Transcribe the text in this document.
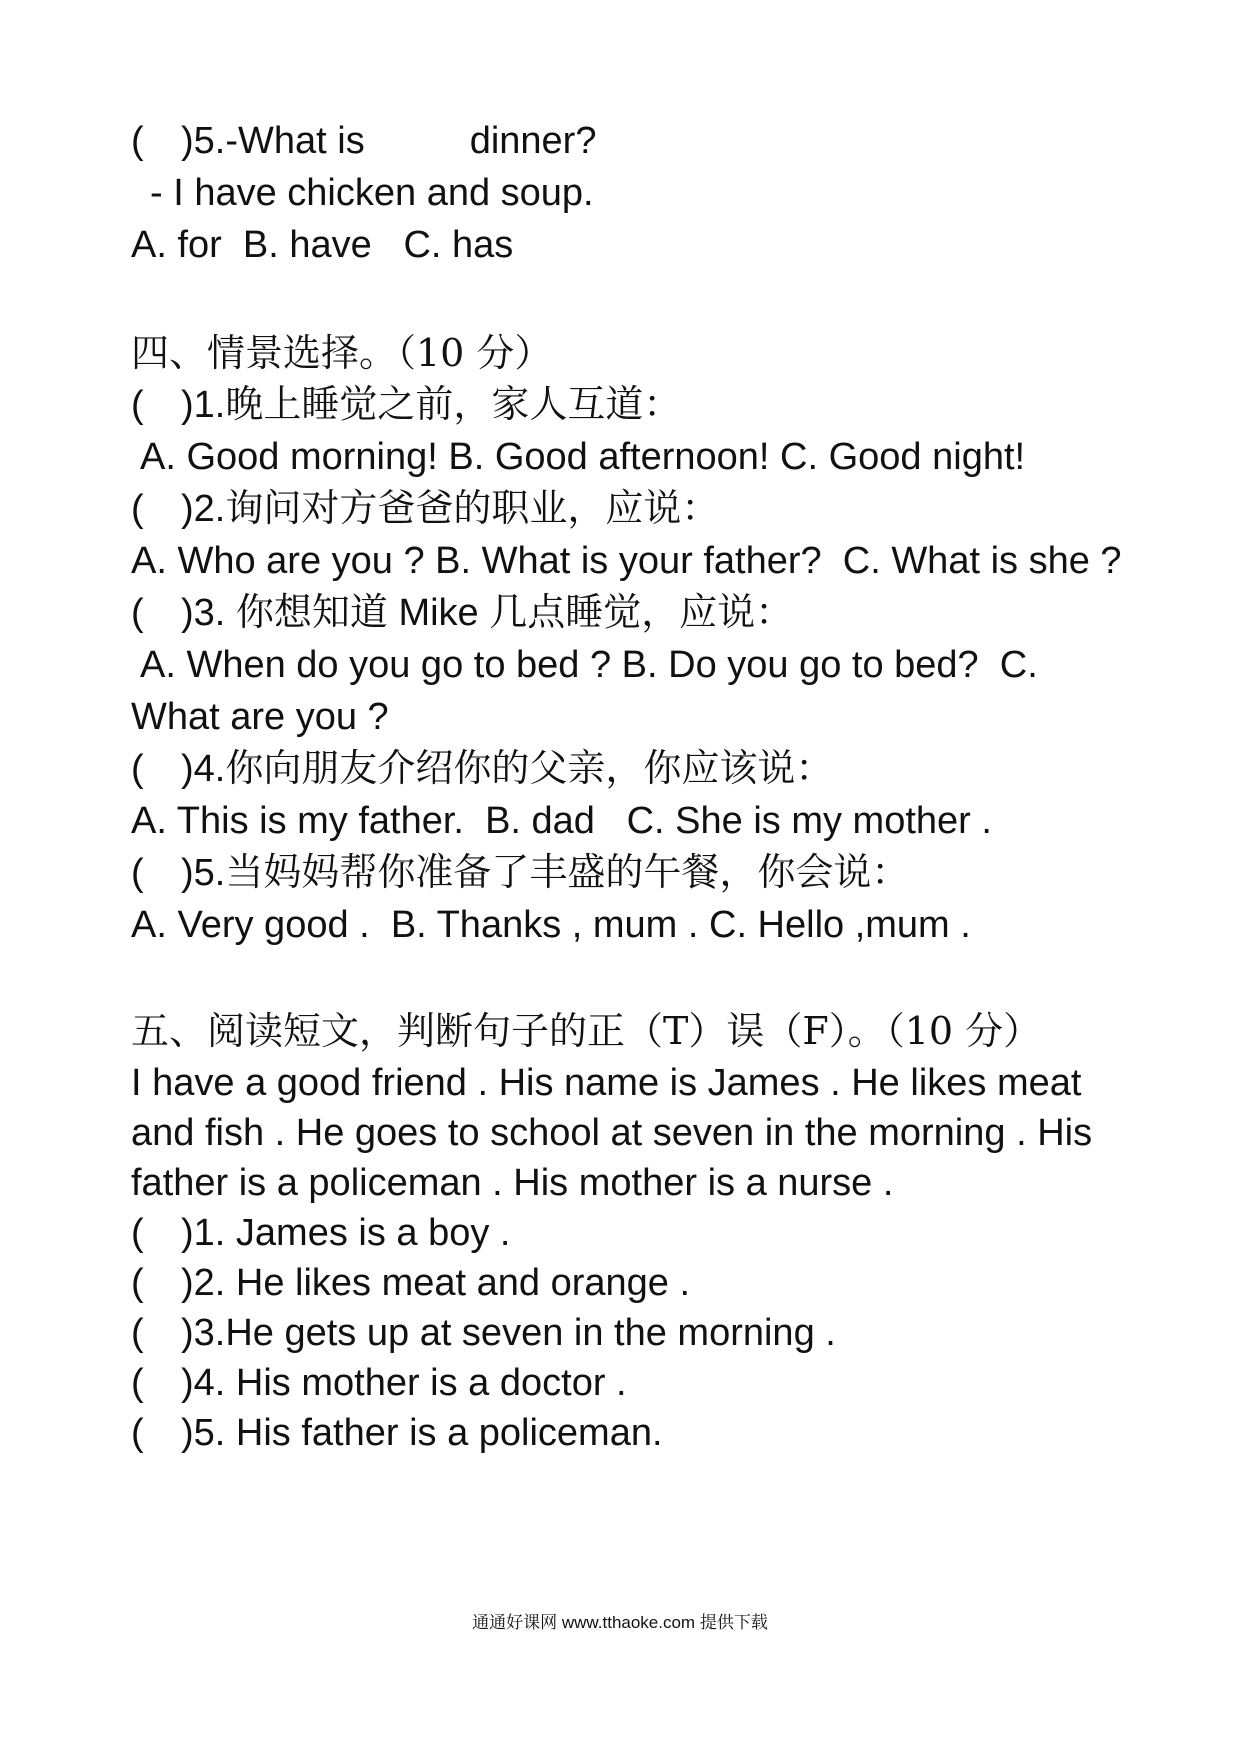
( )5.-What is	dinner?
- I have chicken and soup.
A. for  B. have   C. has
四、情景选择。（10 分）
( )1.晚上睡觉之前，家人互道：
A. Good morning! B. Good afternoon! C. Good night!
( )2.询问对方爸爸的职业，应说：
A. Who are you ? B. What is your father?  C. What is she ?
( )3. 你想知道 Mike 几点睡觉，应说：
A. When do you go to bed ? B. Do you go to bed?  C.
What are you ?
( )4.你向朋友介绍你的父亲，你应该说：
A. This is my father.  B. dad   C. She is my mother .
( )5.当妈妈帮你准备了丰盛的午餐，你会说：
A. Very good .  B. Thanks , mum . C. Hello ,mum .
五、阅读短文，判断句子的正（T）误（F）。（10 分）
I have a good friend . His name is James . He likes meat
and fish . He goes to school at seven in the morning . His
father is a policeman . His mother is a nurse .
( )1. James is a boy .
( )2. He likes meat and orange .
( )3.He gets up at seven in the morning .
( )4. His mother is a doctor .
( )5. His father is a policeman.
通通好课网 www.tthaoke.com 提供下载
